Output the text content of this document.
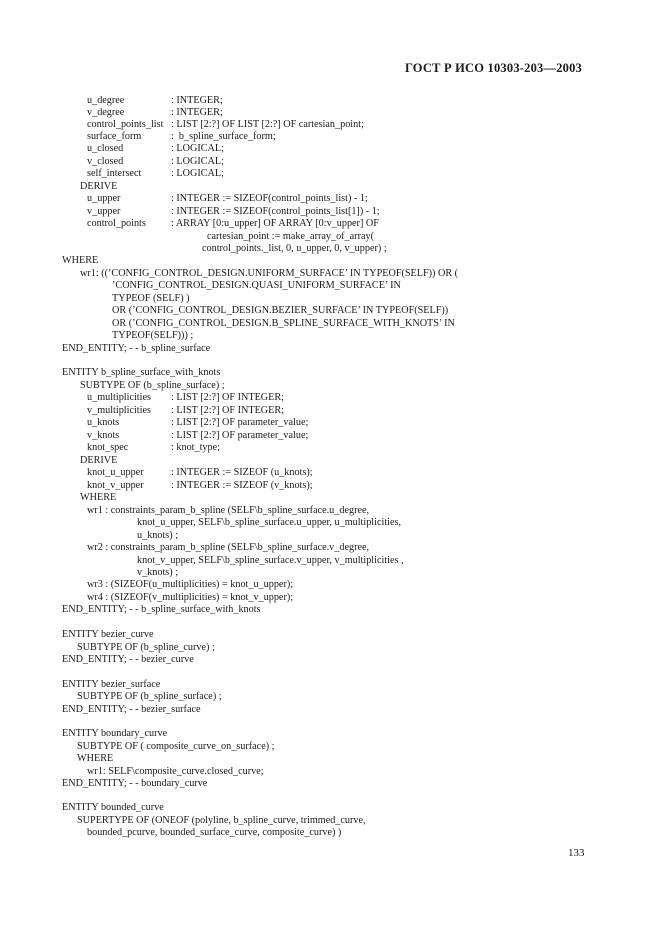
ГОСТ Р ИСО 10303-203—2003
u_degree	: INTEGER;
v_degree	: INTEGER;
control_points_list : LIST [2:?] OF LIST [2:?] OF cartesian_point;
surface_form	:  b_spline_surface_form;
u_closed	: LOGICAL;
v_closed	: LOGICAL;
self_intersect	: LOGICAL;
DERIVE
u_upper	: INTEGER := SIZEOF(control_points_list) - 1;
v_upper	: INTEGER := SIZEOF(control_points_list[1]) - 1;
control_points : ARRAY [0:u_upper] OF ARRAY [0:v_upper] OF
cartesian_point := make_array_of_array(
control_points._list, 0, u_upper, 0, v_upper) ;
WHERE
wr1: ((’CONFIG_CONTROL_DESIGN.UNIFORM_SURFACE’ IN TYPEOF(SELF)) OR (
’CONFIG_CONTROL_DESIGN.QUASI_UNIFORM_SURFACE’ IN
TYPEOF (SELF) )
OR (’CONFIG_CONTROL_DESIGN.BEZIER_SURFACE’ IN TYPEOF(SELF))
OR (’CONFIG_CONTROL_DESIGN.B_SPLINE_SURFACE_WITH_KNOTS’ IN
TYPEOF(SELF))) ;
END_ENTITY; - - b_spline_surface
ENTITY b_spline_surface_with_knots
SUBTYPE OF (b_spline_surface) ;
u_multiplicities : LIST [2:?] OF INTEGER;
v_multiplicities : LIST [2:?] OF INTEGER;
u_knots	: LIST [2:?] OF parameter_value;
v_knots	: LIST [2:?] OF parameter_value;
knot_spec	: knot_type;
DERIVE
knot_u_upper	: INTEGER := SIZEOF (u_knots);
knot_v_upper	: INTEGER := SIZEOF (v_knots);
WHERE
wr1 : constraints_param_b_spline (SELF\b_spline_surface.u_degree,
knot_u_upper, SELF\b_spline_surface.u_upper, u_multiplicities,
u_knots) ;
wr2 : constraints_param_b_spline (SELF\b_spline_surface.v_degree,
knot_v_upper, SELF\b_spline_surface.v_upper, v_multiplicities ,
v_knots) ;
wr3 : (SIZEOF(u_multiplicities) = knot_u_upper);
wr4 : (SIZEOF(v_multiplicities) = knot_v_upper);
END_ENTITY; - - b_spline_surface_with_knots
ENTITY bezier_curve
SUBTYPE OF (b_spline_curve) ;
END_ENTITY; - - bezier_curve
ENTITY bezier_surface
SUBTYPE OF (b_spline_surface) ;
END_ENTITY; - - bezier_surface
ENTITY boundary_curve
SUBTYPE OF ( composite_curve_on_surface) ;
WHERE
wr1: SELF\composite_curve.closed_curve;
END_ENTITY; - - boundary_curve
ENTITY bounded_curve
SUPERTYPE OF (ONEOF (polyline, b_spline_curve, trimmed_curve,
bounded_pcurve, bounded_surface_curve, composite_curve) )
133
